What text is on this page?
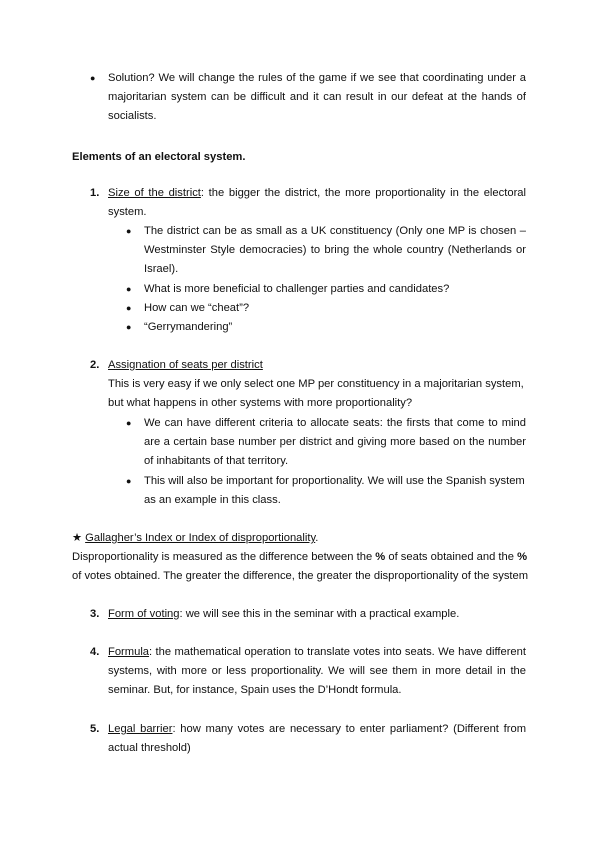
● Solution? We will change the rules of the game if we see that coordinating under a majoritarian system can be difficult and it can result in our defeat at the hands of socialists.
Elements of an electoral system.
1. Size of the district: the bigger the district, the more proportionality in the electoral system.
● The district can be as small as a UK constituency (Only one MP is chosen – Westminster Style democracies) to bring the whole country (Netherlands or Israel).
● What is more beneficial to challenger parties and candidates?
● How can we “cheat”?
● “Gerrymandering”
2. Assignation of seats per district
This is very easy if we only select one MP per constituency in a majoritarian system, but what happens in other systems with more proportionality?
● We can have different criteria to allocate seats: the firsts that come to mind are a certain base number per district and giving more based on the number of inhabitants of that territory.
● This will also be important for proportionality. We will use the Spanish system as an example in this class.
★ Gallagher’s Index or Index of disproportionality.
Disproportionality is measured as the difference between the % of seats obtained and the % of votes obtained. The greater the difference, the greater the disproportionality of the system
3. Form of voting: we will see this in the seminar with a practical example.
4. Formula: the mathematical operation to translate votes into seats. We have different systems, with more or less proportionality. We will see them in more detail in the seminar. But, for instance, Spain uses the D’Hondt formula.
5. Legal barrier: how many votes are necessary to enter parliament? (Different from actual threshold)
